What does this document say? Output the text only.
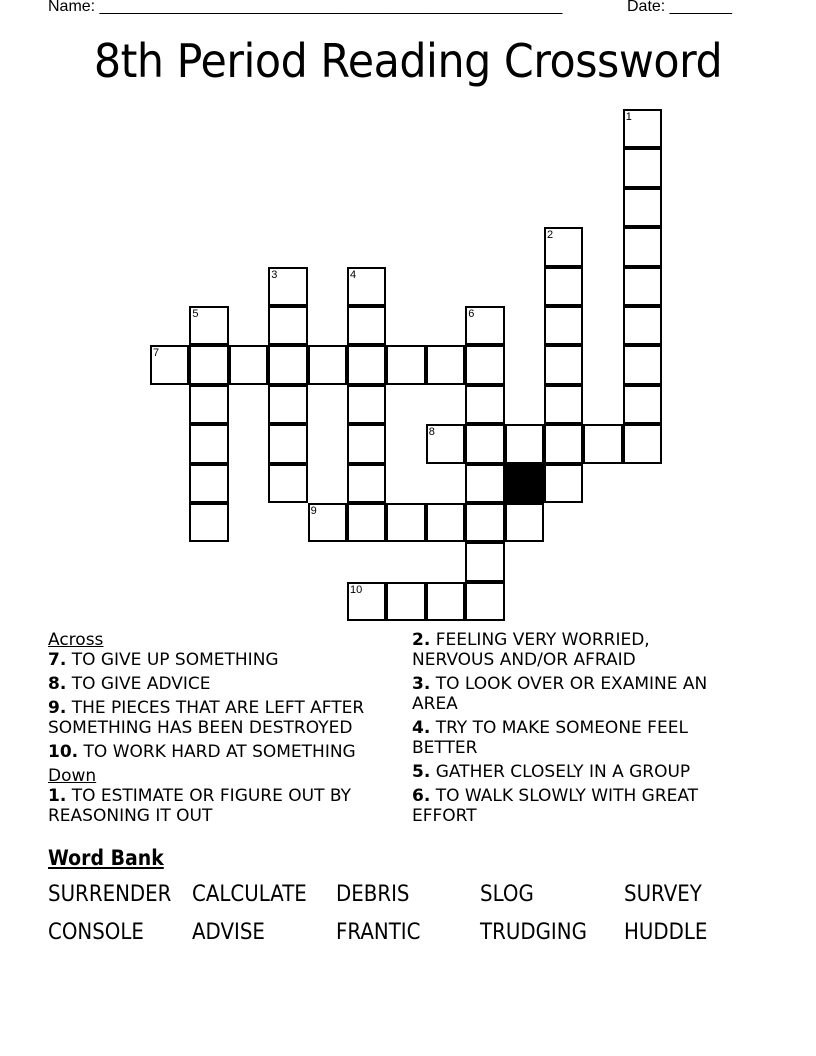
Name: ____________________________________________________	Date: _______
8th Period Reading Crossword
1
2
3	4
5	6
7
8
9
10
Across
7. TO GIVE UP SOMETHING
8. TO GIVE ADVICE
9. THE PIECES THAT ARE LEFT AFTER SOMETHING HAS BEEN DESTROYED
10. TO WORK HARD AT SOMETHING
Down
1. TO ESTIMATE OR FIGURE OUT BY REASONING IT OUT
2. FEELING VERY WORRIED, NERVOUS AND/OR AFRAID
3. TO LOOK OVER OR EXAMINE AN AREA
4. TRY TO MAKE SOMEONE FEEL BETTER
5. GATHER CLOSELY IN A GROUP
6. TO WALK SLOWLY WITH GREAT EFFORT
Word Bank
SURRENDER CALCULATE DEBRIS	SLOG	SURVEY
CONSOLE ADVISE	FRANTIC	TRUDGING HUDDLE
